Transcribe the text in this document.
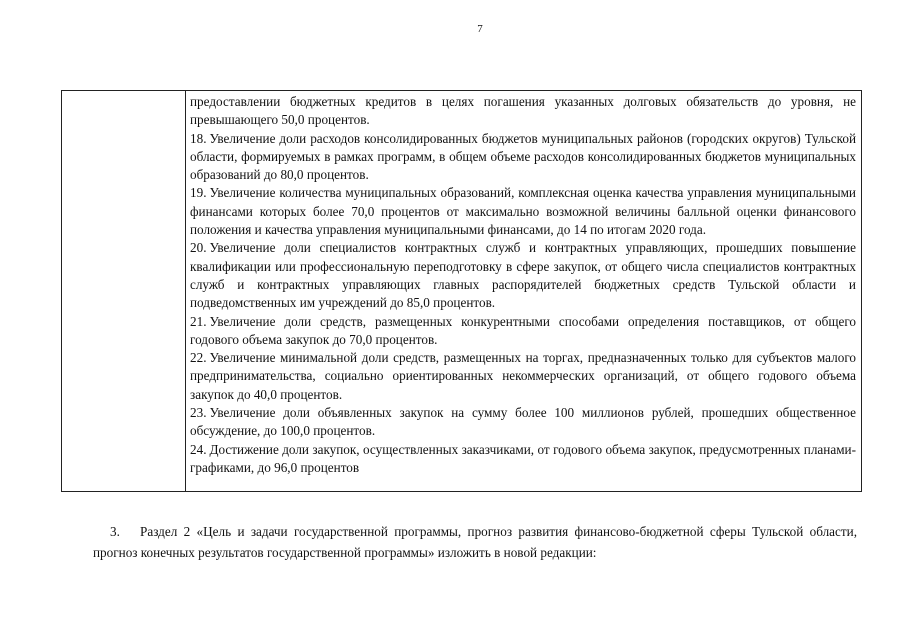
7

предоставлении бюджетных кредитов в целях погашения указанных долговых обязательств до уровня, не превышающего 50,0 процентов.

18. Увеличение доли расходов консолидированных бюджетов муниципальных районов (городских округов) Тульской области, формируемых в рамках программ, в общем объеме расходов консолидированных бюджетов муниципальных образований до 80,0 процентов.

19. Увеличение количества муниципальных образований, комплексная оценка качества управления муниципальными финансами которых более 70,0 процентов от максимально возможной величины балльной оценки финансового положения и качества управления муниципальными финансами, до 14 по итогам 2020 года.

20. Увеличение доли специалистов контрактных служб и контрактных управляющих, прошедших повышение квалификации или профессиональную переподготовку в сфере закупок, от общего числа специалистов контрактных служб и контрактных управляющих главных распорядителей бюджетных средств Тульской области и подведомственных им учреждений до 85,0 процентов.

21. Увеличение доли средств, размещенных конкурентными способами определения поставщиков, от общего годового объема закупок до 70,0 процентов.

22. Увеличение минимальной доли средств, размещенных на торгах, предназначенных только для субъектов малого предпринимательства, социально ориентированных некоммерческих организаций, от общего годового объема закупок до 40,0 процентов.

23. Увеличение доли объявленных закупок на сумму более 100 миллионов рублей, прошедших общественное обсуждение, до 100,0 процентов.

24. Достижение доли закупок, осуществленных заказчиками, от годового объема закупок, предусмотренных планами-графиками, до 96,0 процентов

3. Раздел 2 «Цель и задачи государственной программы, прогноз развития финансово-бюджетной сферы Тульской области, прогноз конечных результатов государственной программы» изложить в новой редакции:
